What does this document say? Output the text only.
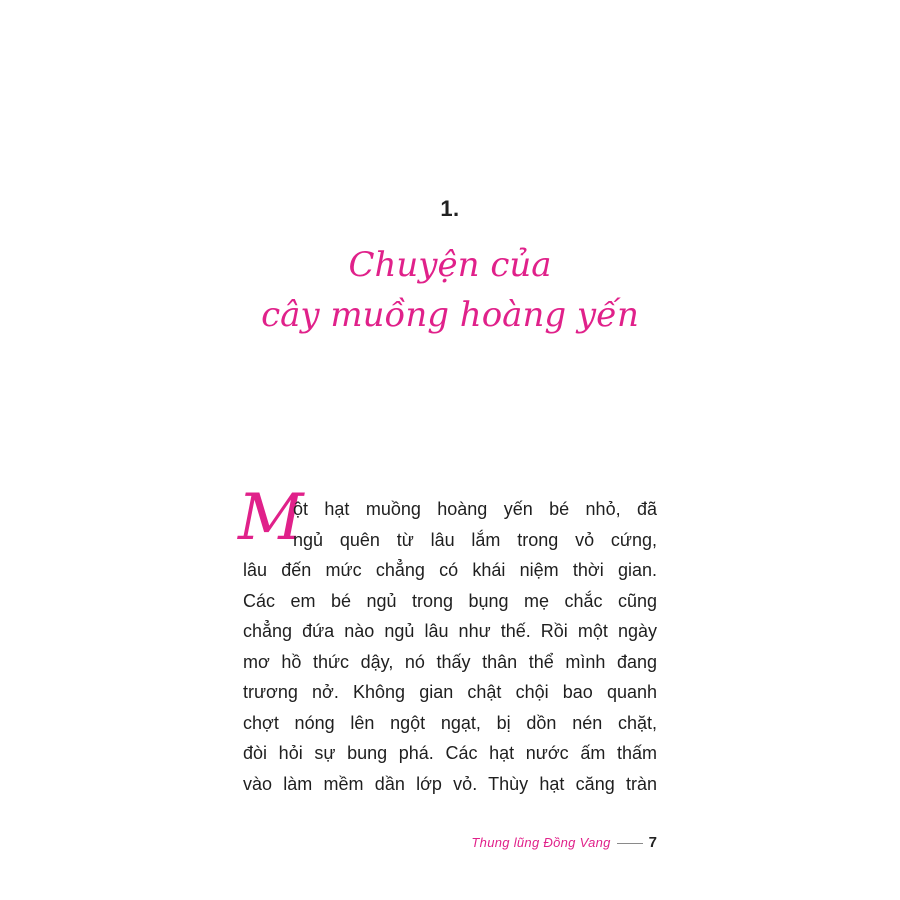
1.
Chuyện của
cây muồng hoàng yến
M
ột hạt muồng hoàng yến bé nhỏ, đã
ngủ quên từ lâu lắm trong vỏ cứng,
lâu đến mức chẳng có khái niệm thời gian.
Các em bé ngủ trong bụng mẹ chắc cũng
chẳng đứa nào ngủ lâu như thế. Rồi một ngày
mơ hồ thức dậy, nó thấy thân thể mình đang
trương nở. Không gian chật chội bao quanh
chợt nóng lên ngột ngạt, bị dồn nén chặt,
đòi hỏi sự bung phá. Các hạt nước ấm thấm
vào làm mềm dần lớp vỏ. Thùy hạt căng tràn
Thung lũng Đồng Vang	7
